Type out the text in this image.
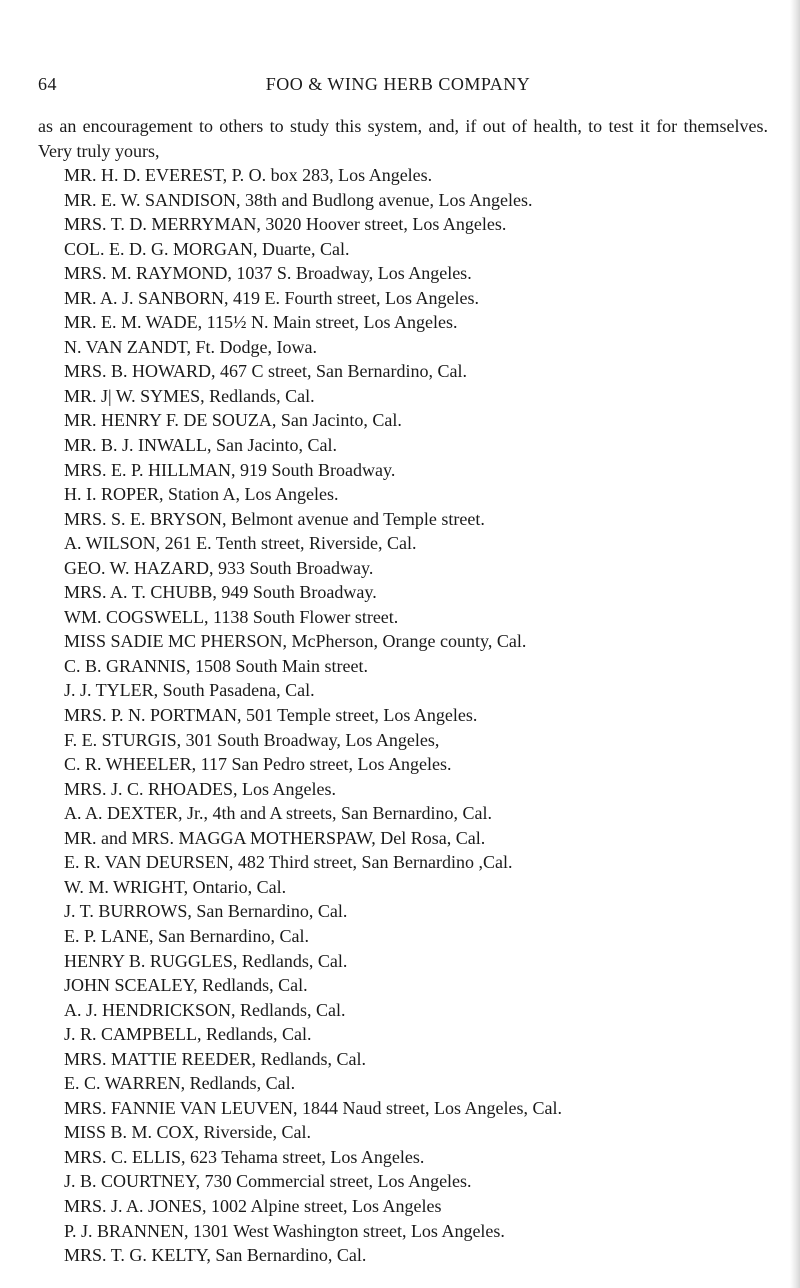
64	FOO & WING HERB COMPANY

as an encouragement to others to study this system, and, if out of health, to test it for themselves. Very truly yours,

MR. H. D. EVEREST, P. O. box 283, Los Angeles.
MR. E. W. SANDISON, 38th and Budlong avenue, Los Angeles.
MRS. T. D. MERRYMAN, 3020 Hoover street, Los Angeles.
COL. E. D. G. MORGAN, Duarte, Cal.
MRS. M. RAYMOND, 1037 S. Broadway, Los Angeles.
MR. A. J. SANBORN, 419 E. Fourth street, Los Angeles.
MR. E. M. WADE, 115½ N. Main street, Los Angeles.
N. VAN ZANDT, Ft. Dodge, Iowa.
MRS. B. HOWARD, 467 C street, San Bernardino, Cal.
MR. J| W. SYMES, Redlands, Cal.
MR. HENRY F. DE SOUZA, San Jacinto, Cal.
MR. B. J. INWALL, San Jacinto, Cal.
MRS. E. P. HILLMAN, 919 South Broadway.
H. I. ROPER, Station A, Los Angeles.
MRS. S. E. BRYSON, Belmont avenue and Temple street.
A. WILSON, 261 E. Tenth street, Riverside, Cal.
GEO. W. HAZARD, 933 South Broadway.
MRS. A. T. CHUBB, 949 South Broadway.
WM. COGSWELL, 1138 South Flower street.
MISS SADIE MC PHERSON, McPherson, Orange county, Cal.
C. B. GRANNIS, 1508 South Main street.
J. J. TYLER, South Pasadena, Cal.
MRS. P. N. PORTMAN, 501 Temple street, Los Angeles.
F. E. STURGIS, 301 South Broadway, Los Angeles,
C. R. WHEELER, 117 San Pedro street, Los Angeles.
MRS. J. C. RHOADES, Los Angeles.
A. A. DEXTER, Jr., 4th and A streets, San Bernardino, Cal.
MR. and MRS. MAGGA MOTHERSPAW, Del Rosa, Cal.
E. R. VAN DEURSEN, 482 Third street, San Bernardino ,Cal.
W. M. WRIGHT, Ontario, Cal.
J. T. BURROWS, San Bernardino, Cal.
E. P. LANE, San Bernardino, Cal.
HENRY B. RUGGLES, Redlands, Cal.
JOHN SCEALEY, Redlands, Cal.
A. J. HENDRICKSON, Redlands, Cal.
J. R. CAMPBELL, Redlands, Cal.
MRS. MATTIE REEDER, Redlands, Cal.
E. C. WARREN, Redlands, Cal.
MRS. FANNIE VAN LEUVEN, 1844 Naud street, Los Angeles, Cal.
MISS B. M. COX, Riverside, Cal.
MRS. C. ELLIS, 623 Tehama street, Los Angeles.
J. B. COURTNEY, 730 Commercial street, Los Angeles.
MRS. J. A. JONES, 1002 Alpine street, Los Angeles
P. J. BRANNEN, 1301 West Washington street, Los Angeles.
MRS. T. G. KELTY, San Bernardino, Cal.
